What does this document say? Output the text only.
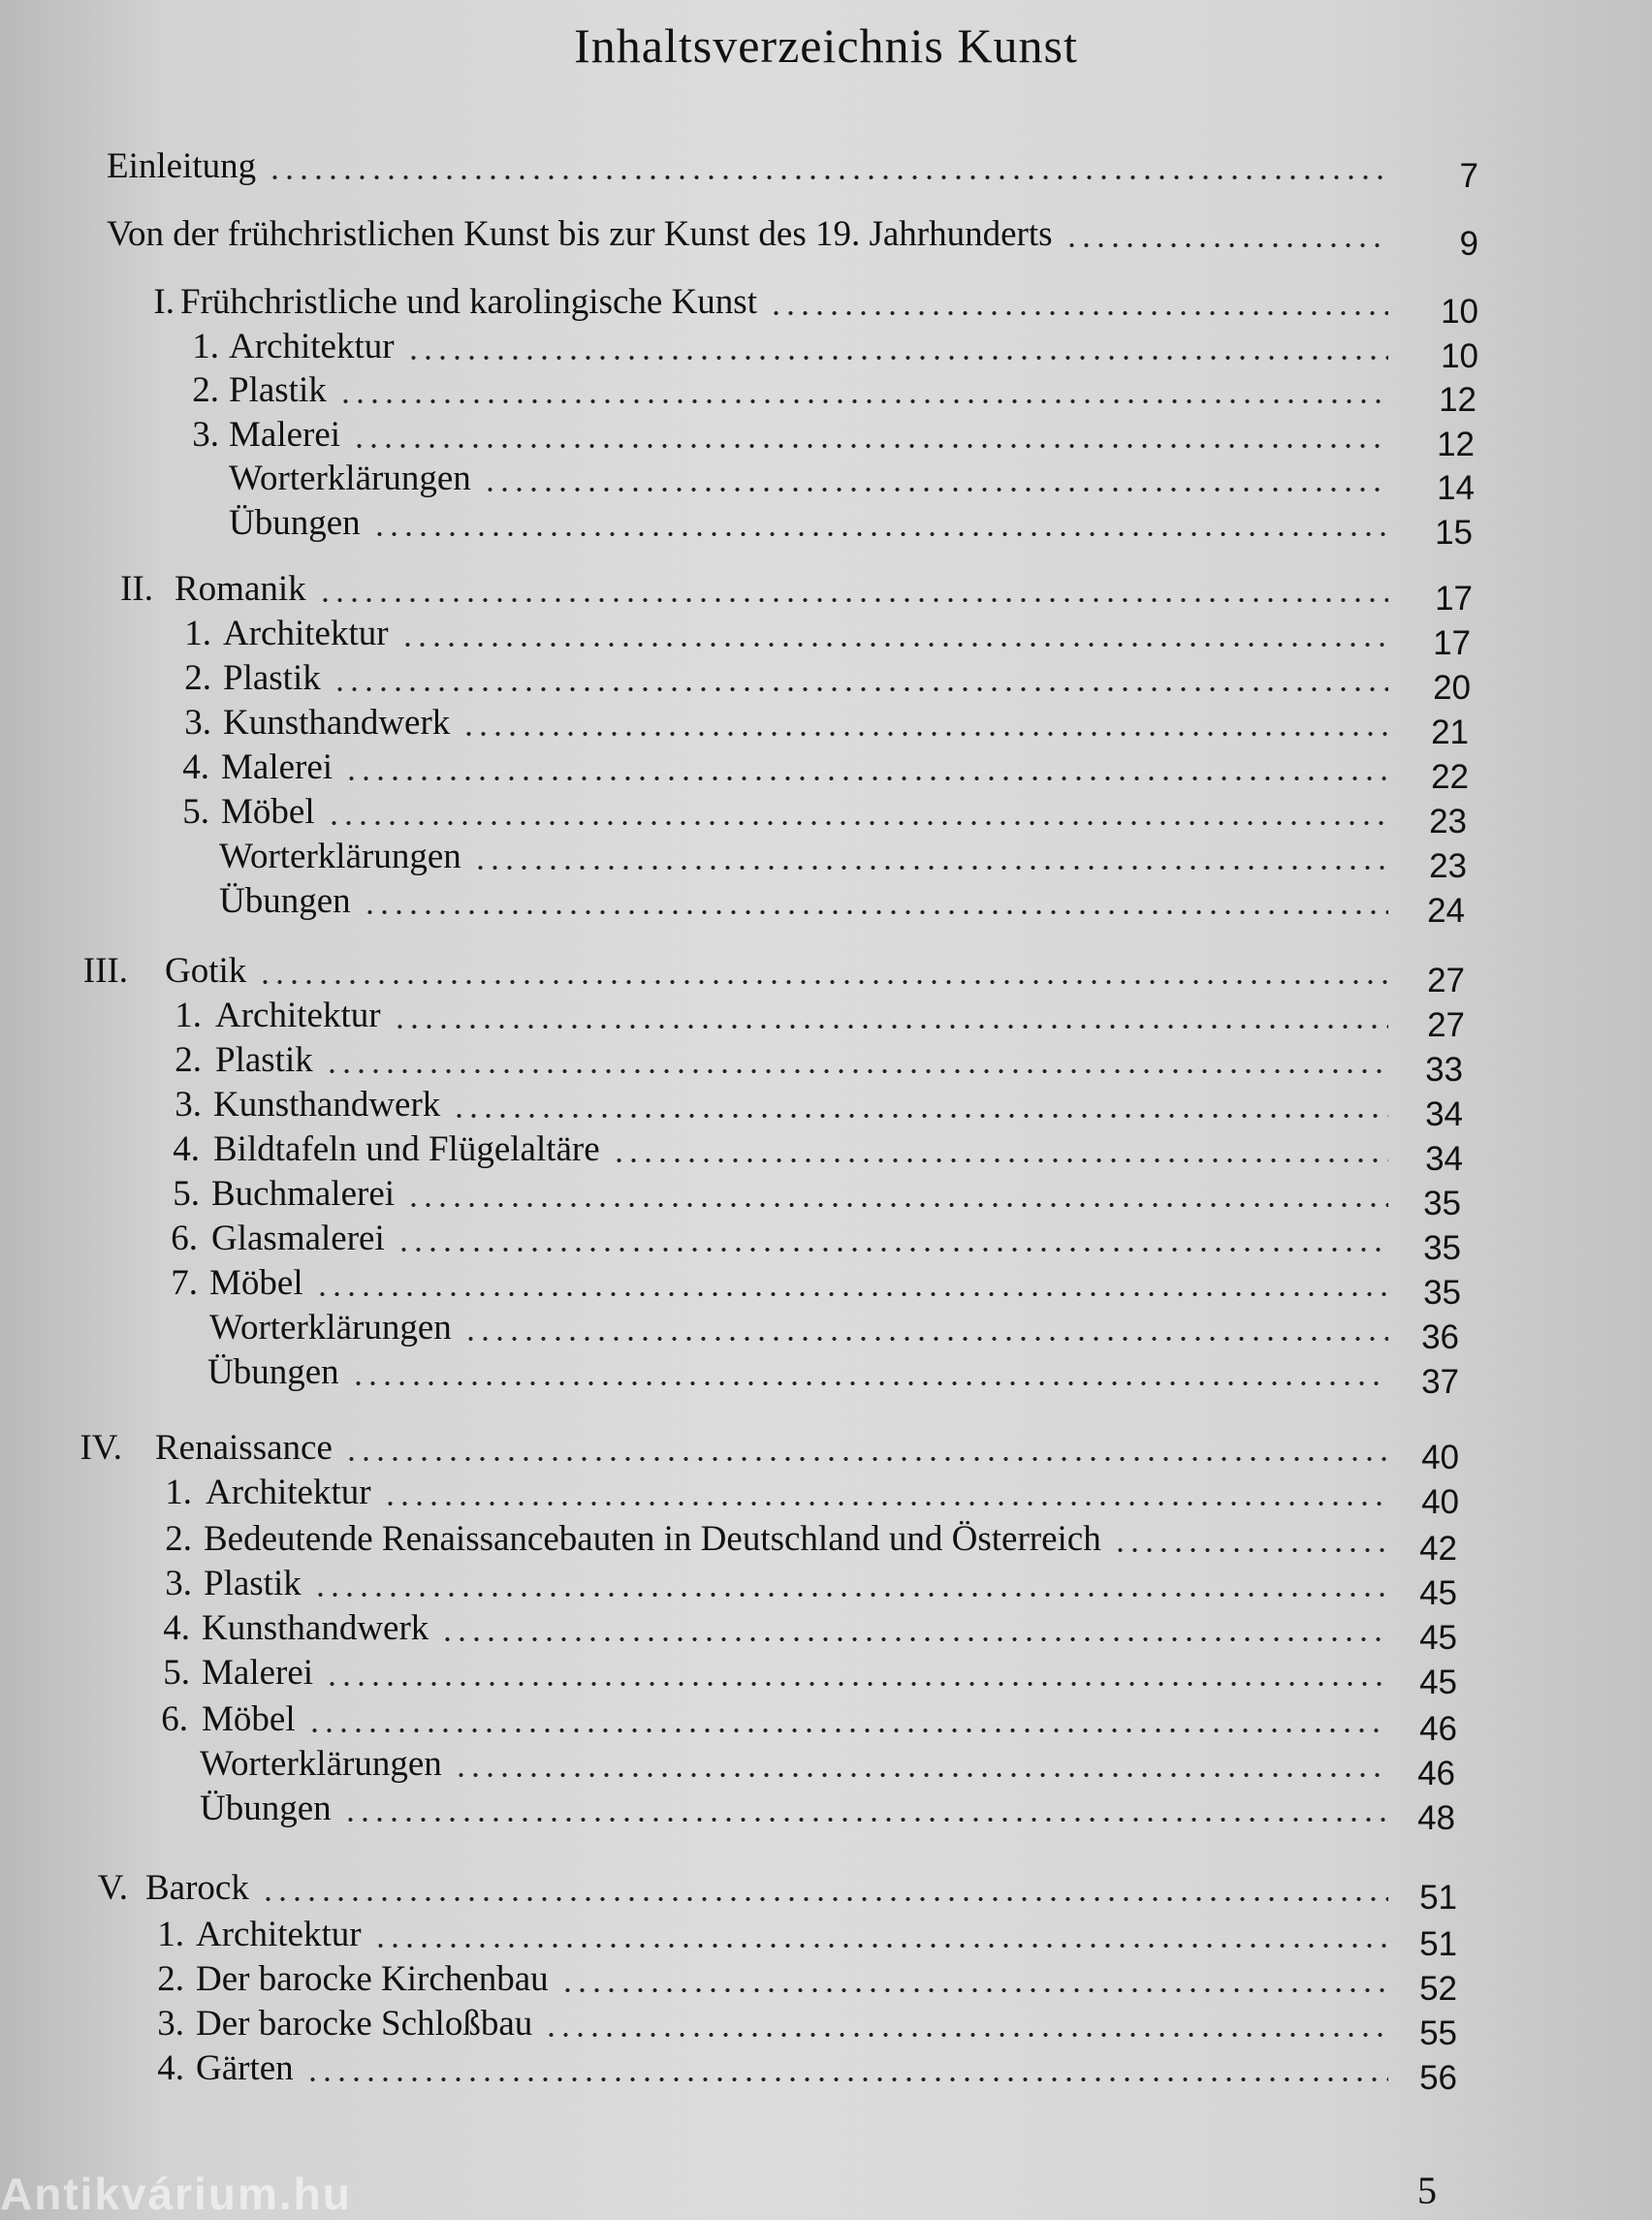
Inhaltsverzeichnis Kunst
Einleitung	7
Von der frühchristlichen Kunst bis zur Kunst des 19. Jahrhunderts	9
I. Frühchristliche und karolingische Kunst	10
1. Architektur	10
2. Plastik	12
3. Malerei	12
Worterklärungen	14
Übungen	15
II. Romanik	17
1. Architektur	17
2. Plastik	20
3. Kunsthandwerk	21
4. Malerei	22
5. Möbel	23
Worterklärungen	23
Übungen	24
III. Gotik	27
1. Architektur	27
2. Plastik	33
3. Kunsthandwerk	34
4. Bildtafeln und Flügelaltäre	34
5. Buchmalerei	35
6. Glasmalerei	35
7. Möbel	35
Worterklärungen	36
Übungen	37
IV. Renaissance	40
1. Architektur	40
2. Bedeutende Renaissancebauten in Deutschland und Österreich	42
3. Plastik	45
4. Kunsthandwerk	45
5. Malerei	45
6. Möbel	46
Worterklärungen	46
Übungen	48
V. Barock	51
1. Architektur	51
2. Der barocke Kirchenbau	52
3. Der barocke Schloßbau	55
4. Gärten	56
Antikvárium.hu	5
